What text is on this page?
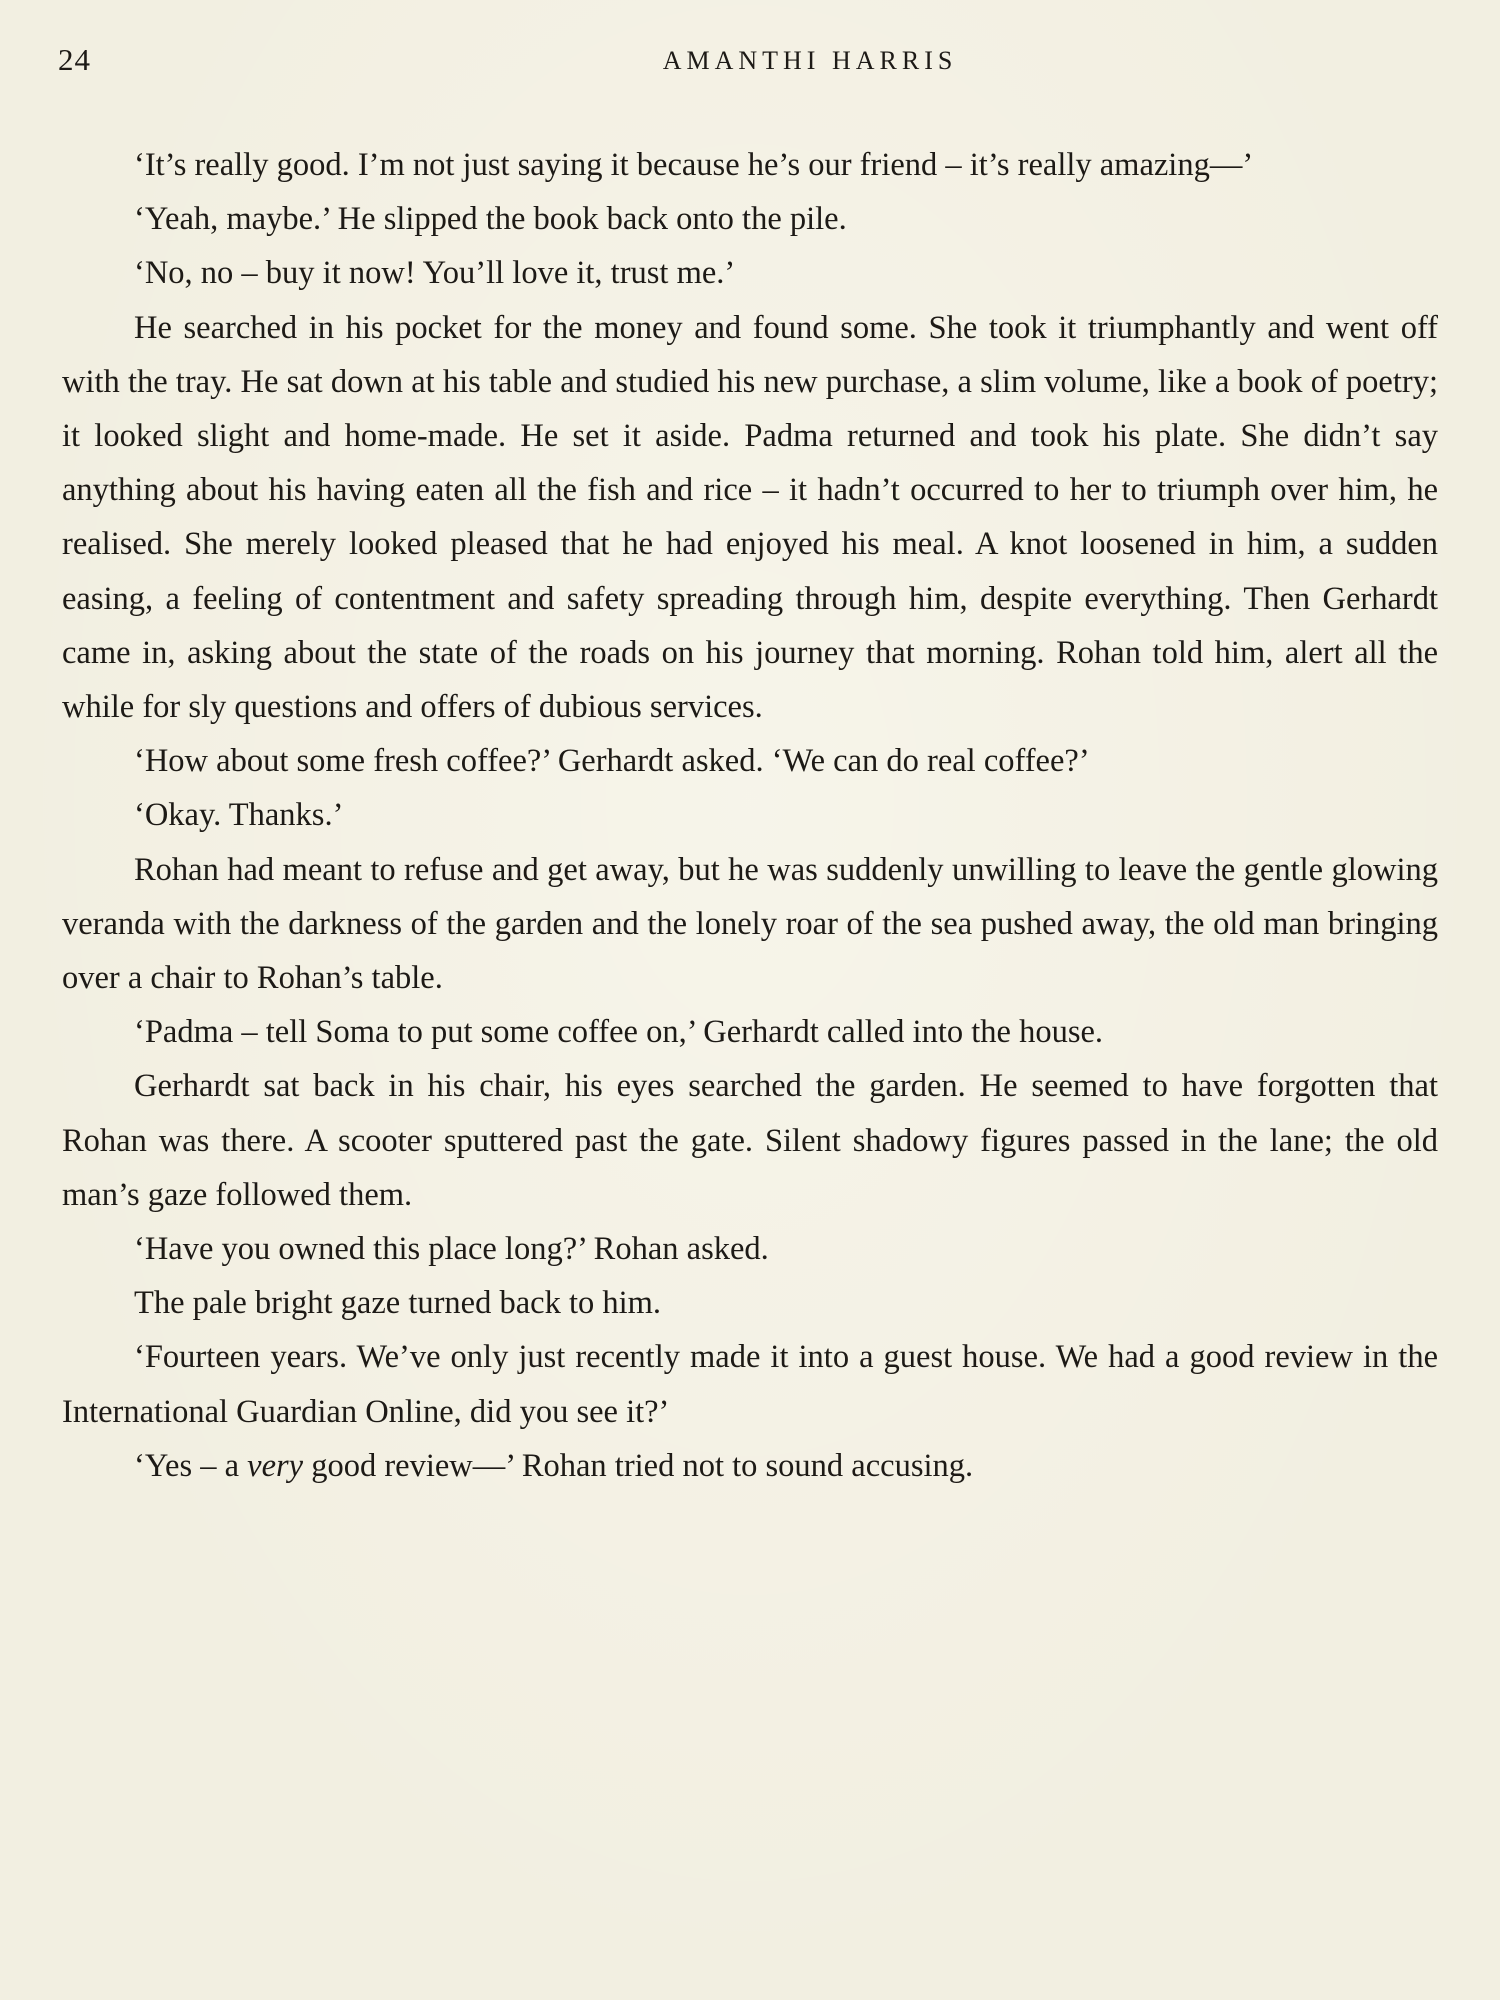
24	AMANTHI HARRIS

‘It’s really good. I’m not just saying it because he’s our friend – it’s really amazing—’

‘Yeah, maybe.’ He slipped the book back onto the pile.

‘No, no – buy it now! You’ll love it, trust me.’

He searched in his pocket for the money and found some. She took it triumphantly and went off with the tray. He sat down at his table and studied his new purchase, a slim volume, like a book of poetry; it looked slight and home-made. He set it aside. Padma returned and took his plate. She didn’t say anything about his having eaten all the fish and rice – it hadn’t occurred to her to triumph over him, he realised. She merely looked pleased that he had enjoyed his meal. A knot loosened in him, a sudden easing, a feeling of contentment and safety spreading through him, despite everything. Then Gerhardt came in, asking about the state of the roads on his journey that morning. Rohan told him, alert all the while for sly questions and offers of dubious services.

‘How about some fresh coffee?’ Gerhardt asked. ‘We can do real coffee?’

‘Okay. Thanks.’

Rohan had meant to refuse and get away, but he was suddenly unwilling to leave the gentle glowing veranda with the darkness of the garden and the lonely roar of the sea pushed away, the old man bringing over a chair to Rohan’s table.

‘Padma – tell Soma to put some coffee on,’ Gerhardt called into the house.

Gerhardt sat back in his chair, his eyes searched the garden. He seemed to have forgotten that Rohan was there. A scooter sputtered past the gate. Silent shadowy figures passed in the lane; the old man’s gaze followed them.

‘Have you owned this place long?’ Rohan asked.

The pale bright gaze turned back to him.

‘Fourteen years. We’ve only just recently made it into a guest house. We had a good review in the International Guardian Online, did you see it?’

‘Yes – a very good review—’ Rohan tried not to sound accusing.
